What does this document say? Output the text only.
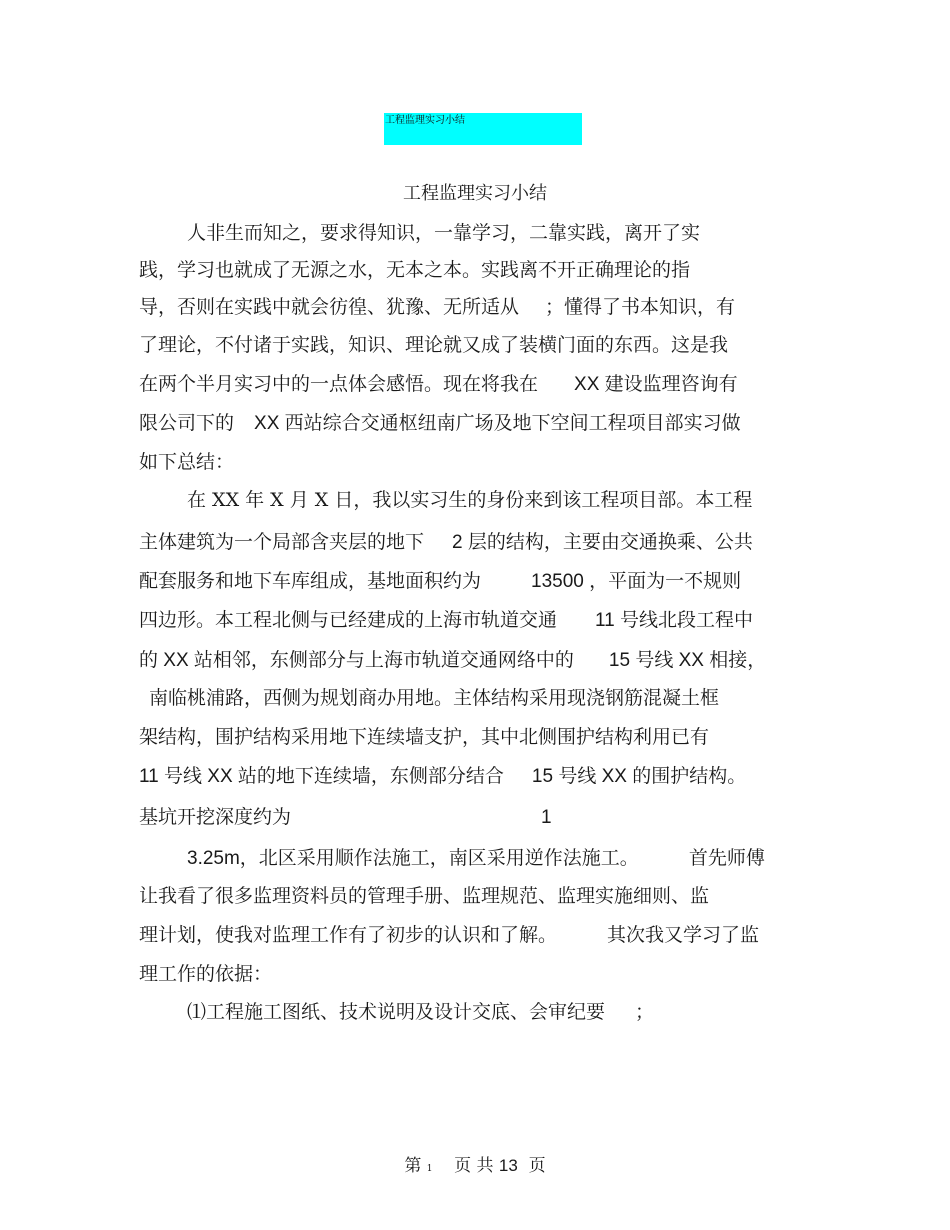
工程监理实习小结
工程监理实习小结
人非生而知之，要求得知识，一靠学习，二靠实践，离开了实
践，学习也就成了无源之水，无本之本。实践离不开正确理论的指
导，否则在实践中就会彷徨、犹豫、无所适从 ；懂得了书本知识，有
了理论，不付诸于实践，知识、理论就又成了装横门面的东西。这是我
在两个半月实习中的一点体会感悟。现在将我在 XX 建设监理咨询有
限公司下的 XX 西站综合交通枢纽南广场及地下空间工程项目部实习做
如下总结：
在 XX 年 X 月 X 日，我以实习生的身份来到该工程项目部。本工程
主体建筑为一个局部含夹层的地下 2 层的结构，主要由交通换乘、公共
配套服务和地下车库组成，基地面积约为	13500 ，平面为一不规则
四边形。本工程北侧与已经建成的上海市轨道交通 11 号线北段工程中
的 XX 站相邻，东侧部分与上海市轨道交通网络中的 15 号线 XX 相接，
南临桃浦路，西侧为规划商办用地。主体结构采用现浇钢筋混凝土框
架结构，围护结构采用地下连续墙支护，其中北侧围护结构利用已有
11 号线 XX 站的地下连续墙，东侧部分结合 15 号线 XX 的围护结构。
基坑开挖深度约为	1
3.25m，北区采用顺作法施工，南区采用逆作法施工。	首先师傅
让我看了很多监理资料员的管理手册、监理规范、监理实施细则、监
理计划，使我对监理工作有了初步的认识和了解。	其次我又学习了监
理工作的依据：
⑴工程施工图纸、技术说明及设计交底、会审纪要 ；
第 1 页 共 13 页
